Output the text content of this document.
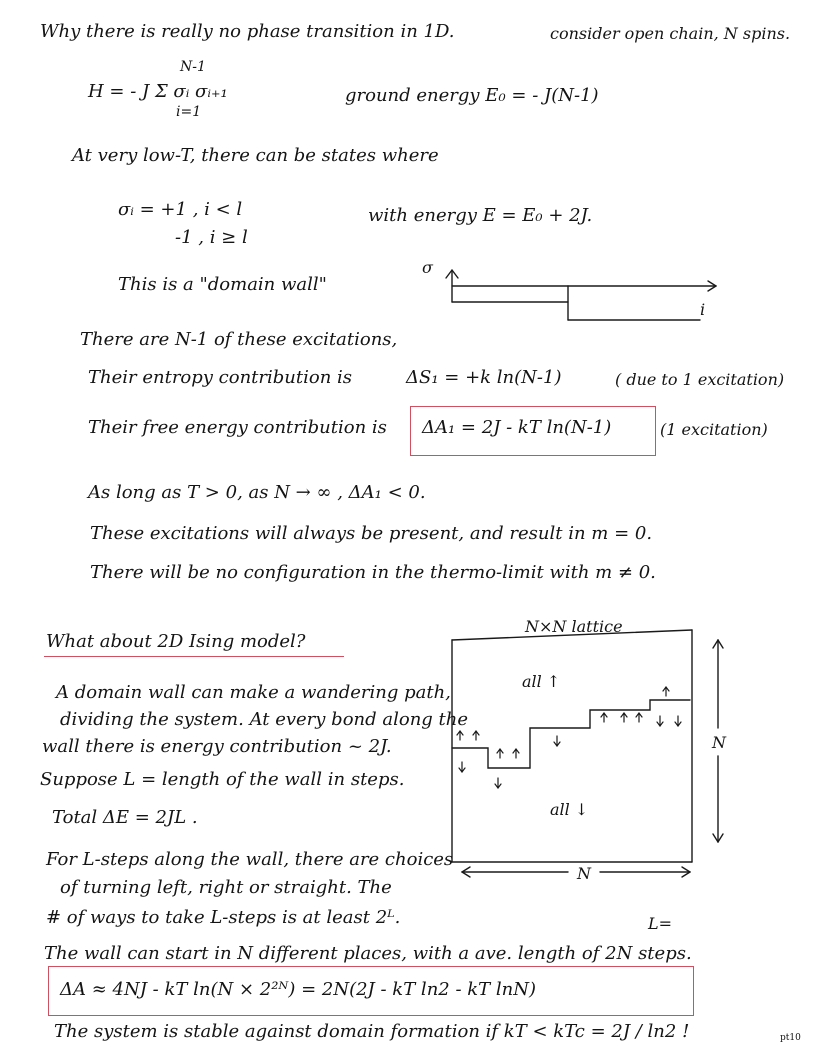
Why there is really no phase transition in 1D.	consider open chain, N spins.
N-1
H = - J Σ σᵢ σᵢ₊₁
i=1
ground energy E₀ = - J(N-1)
At very low-T, there can be states where
σᵢ = +1 , i < l
-1 , i ≥ l
with energy E = E₀ + 2J.
This is a "domain wall"
σ
i
There are N-1 of these excitations,
Their entropy contribution is	ΔS₁ = +k ln(N-1)	( due to 1 excitation)
Their free energy contribution is ΔA₁ = 2J - kT ln(N-1)	(1 excitation)
As long as T > 0, as N → ∞ , ΔA₁ < 0.
These excitations will always be present, and result in m = 0.
There will be no configuration in the thermo-limit with m ≠ 0.
What about 2D Ising model?
N×N lattice
A domain wall can make a wandering path,
dividing the system. At every bond along the
wall there is energy contribution ~ 2J.
Suppose L = length of the wall in steps.
Total ΔE = 2JL .
all ↑
all ↓
N
N
For L-steps along the wall, there are choices
of turning left, right or straight. The
# of ways to take L-steps is at least 2ᴸ.	L=
The wall can start in N different places, with a ave. length of 2N steps.
ΔA ≈ 4NJ - kT ln(N × 2²ᴺ) = 2N(2J - kT ln2 - kT lnN)
The system is stable against domain formation if kT < kTc = 2J / ln2 !	pt10
